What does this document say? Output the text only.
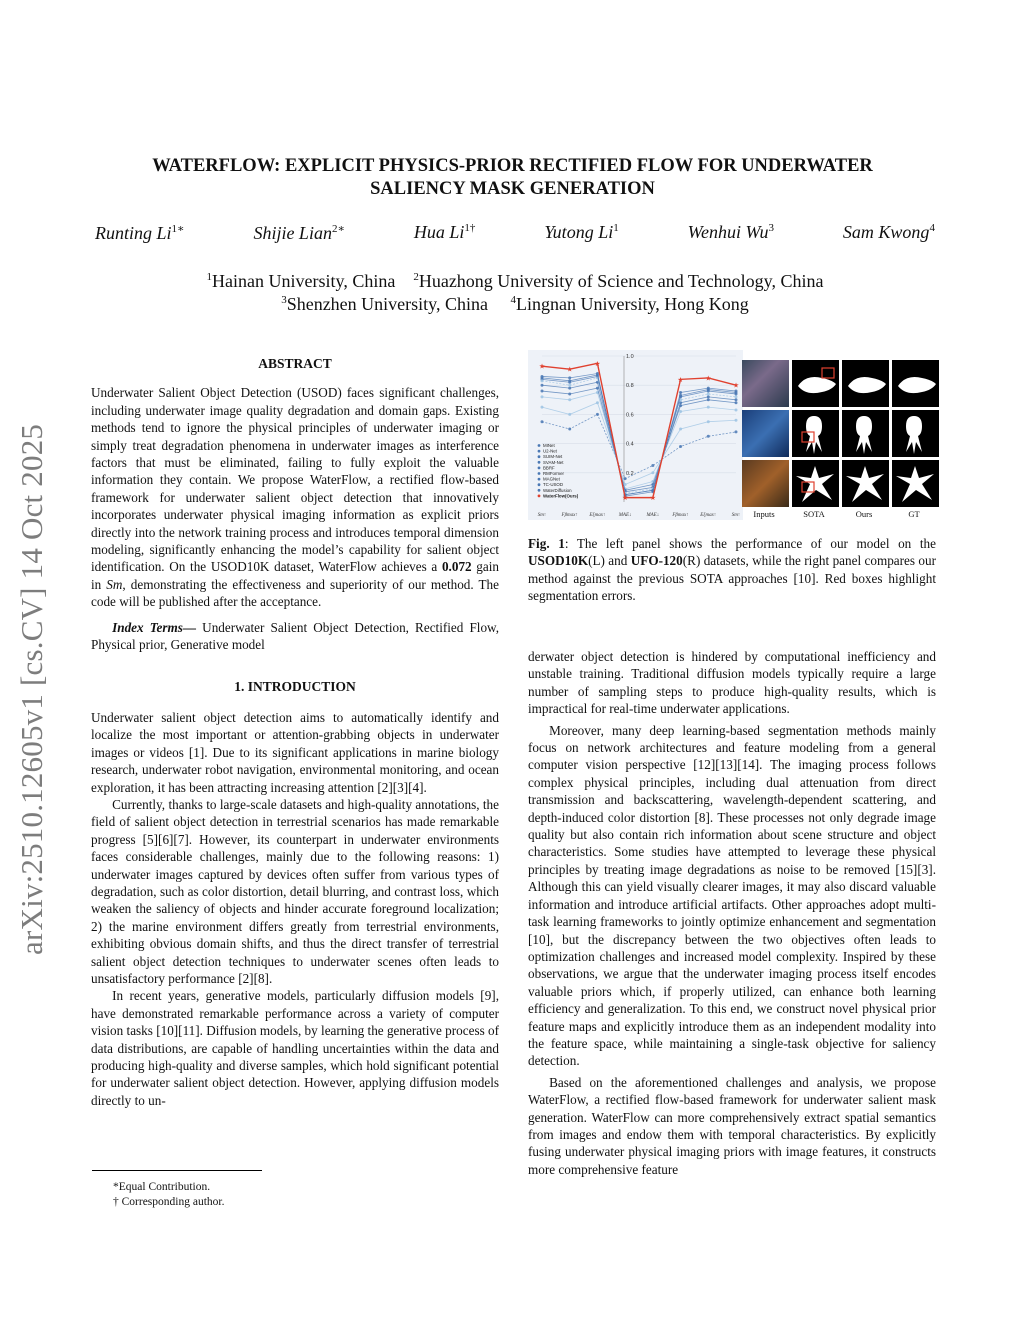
arXiv:2510.12605v1 [cs.CV] 14 Oct 2025
WATERFLOW: EXPLICIT PHYSICS-PRIOR RECTIFIED FLOW FOR UNDERWATER
SALIENCY MASK GENERATION
Runting $Li^{1∗}$	Shijie Lian$^{2∗}$	Hua $Li^{1\dagger}$	Yutong Li$^1$	Wenhui Wu$^3$	Sam Kwong$^4$
$^1$Hainan University, China $^2$Huazhong University of Science and Technology, China
$^3$Shenzhen University, China $^4$Lingnan University, Hong Kong

ABSTRACT

Underwater Salient Object Detection (USOD) faces significant challenges, including underwater image quality degradation and domain gaps. Existing methods tend to ignore the physical principles of underwater imaging or simply treat degradation phenomena in underwater images as interference factors that must be eliminated, failing to fully exploit the valuable information they contain. We propose WaterFlow, a rectified flow-based framework for underwater salient object detection that innovatively incorporates underwater physical imaging information as explicit priors directly into the network training process and introduces temporal dimension modeling, significantly enhancing the model’s capability for salient object identification. On the USOD10K dataset, WaterFlow achieves a 0.072 gain in Sm, demonstrating the effectiveness and superiority of our method. The code will be published after the acceptance.

Index Terms— Underwater Salient Object Detection, Rectified Flow, Physical prior, Generative model

1. INTRODUCTION

Underwater salient object detection aims to automatically identify and localize the most important or attention-grabbing objects in underwater images or videos [1]. Due to its significant applications in marine biology research, underwater robot navigation, environmental monitoring, and ocean exploration, it has been attracting increasing attention [2][3][4].

Currently, thanks to large-scale datasets and high-quality annotations, the field of salient object detection in terrestrial scenarios has made remarkable progress [5][6][7]. However, its counterpart in underwater environments faces considerable challenges, mainly due to the following reasons: 1) underwater images captured by devices often suffer from various types of degradation, such as color distortion, detail blurring, and contrast loss, which weaken the saliency of objects and hinder accurate foreground localization; 2) the marine environment differs greatly from terrestrial environments, exhibiting obvious domain shifts, and thus the direct transfer of terrestrial salient object detection techniques to underwater scenes often leads to unsatisfactory performance [2][8].

In recent years, generative models, particularly diffusion models [9], have demonstrated remarkable performance across a variety of computer vision tasks [10][11]. Diffusion models, by learning the generative process of data distributions, are capable of handling uncertainties within the data and producing high-quality and diverse samples, which hold significant potential for underwater salient object detection. However, applying diffusion models directly to un-

*Equal Contribution.
† Corresponding author.
★	★
★
★	★
★	★
★
0.2
0.4
0.6
0.8
1.0
Sm↑	Fβmax↑ Eξmax↑	MAE↓	MAE↓	Fβmax↑ Eξmax↑	Sm↑
MINet
U2-Net
SUIM-Net
SVAM-Net
BBRF
RMFormer
MAGNet
TC-USOD
WaterDiffusion
WaterFlow(Ours)
Inputs	SOTA	Ours	GT
Fig. 1: The left panel shows the performance of our model on the USOD10K(L) and UFO-120(R) datasets, while the right panel compares our method against the previous SOTA approaches [10]. Red boxes highlight segmentation errors.

derwater object detection is hindered by computational inefficiency and unstable training. Traditional diffusion models typically require a large number of sampling steps to produce high-quality results, which is impractical for real-time underwater applications.

Moreover, many deep learning-based segmentation methods mainly focus on network architectures and feature modeling from a general computer vision perspective [12][13][14]. The imaging process follows complex physical principles, including dual attenuation from direct transmission and backscattering, wavelength-dependent scattering, and depth-induced color distortion [8]. These processes not only degrade image quality but also contain rich information about scene structure and object characteristics. Some studies have attempted to leverage these physical principles by treating image degradations as noise to be removed [15][3]. Although this can yield visually clearer images, it may also discard valuable information and introduce artificial artifacts. Other approaches adopt multi-task learning frameworks to jointly optimize enhancement and segmentation [10], but the discrepancy between the two objectives often leads to optimization challenges and increased model complexity. Inspired by these observations, we argue that the underwater imaging process itself encodes valuable priors which, if properly utilized, can enhance both learning efficiency and generalization. To this end, we construct novel physical prior feature maps and explicitly introduce them as an independent modality into the feature space, while maintaining a single-task objective for saliency detection.

Based on the aforementioned challenges and analysis, we propose WaterFlow, a rectified flow-based framework for underwater salient mask generation. WaterFlow can more comprehensively extract spatial semantics from images and endow them with temporal characteristics. By explicitly fusing underwater physical imaging priors with image features, it constructs more comprehensive feature
